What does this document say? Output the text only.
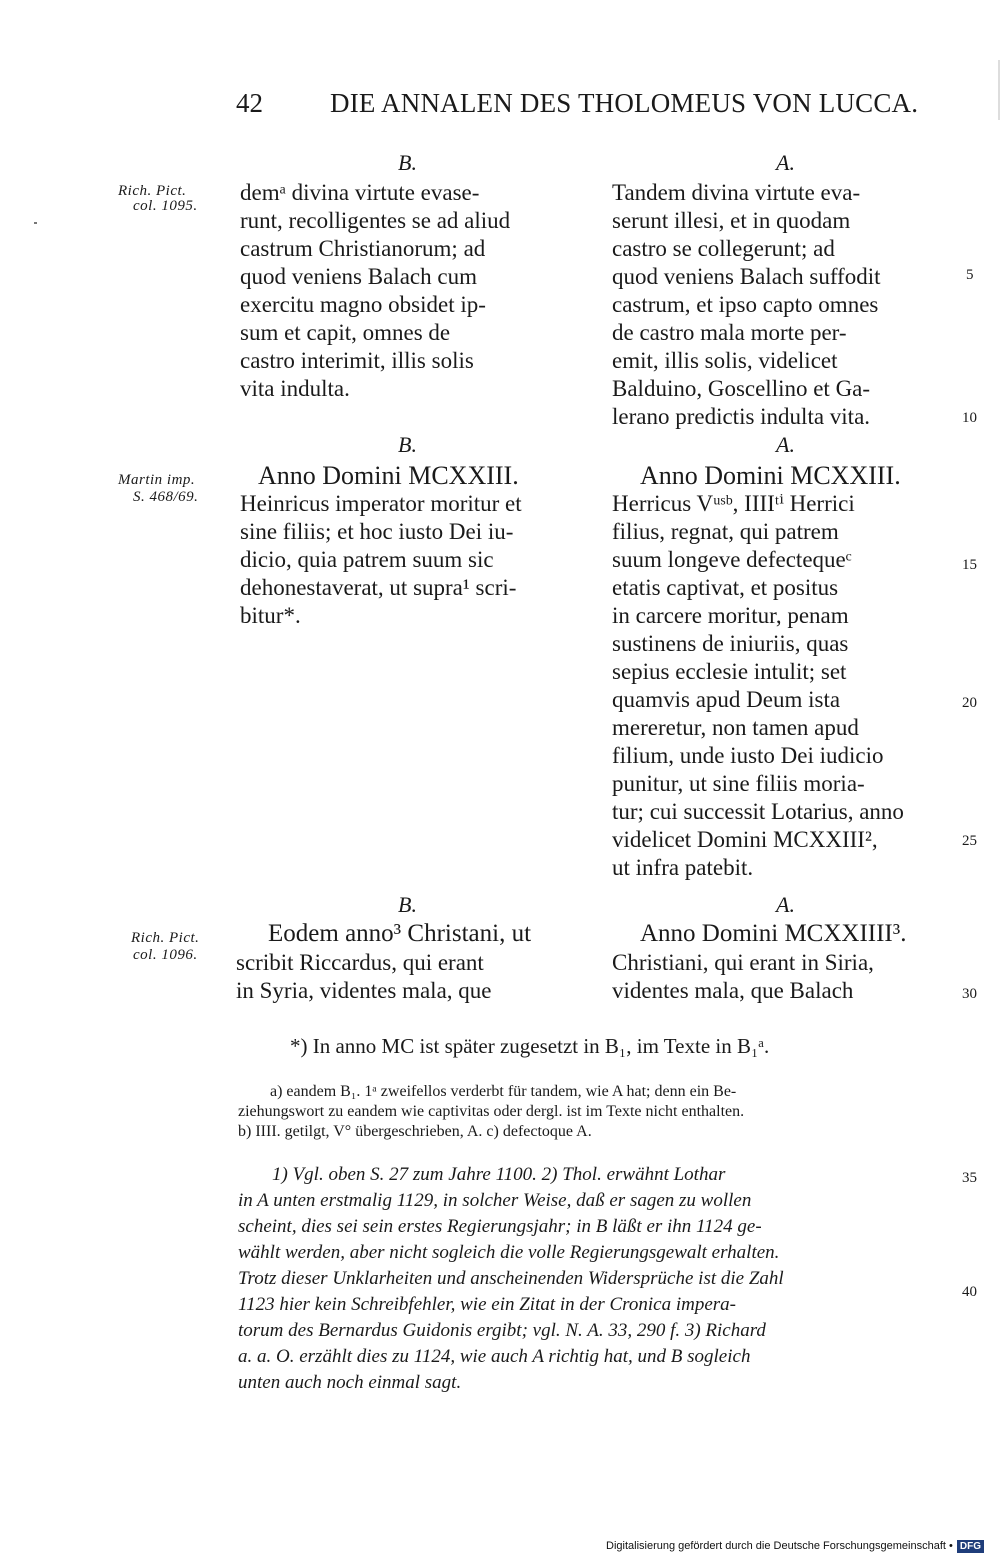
42 DIE ANNALEN DES THOLOMEUS VON LUCCA.
B.	A.
Rich. Pict.
col. 1095.
demᵃ divina virtute evase-
runt, recolligentes se ad aliud
castrum Christianorum; ad
quod veniens Balach cum
exercitu magno obsidet ip-
sum et capit, omnes de
castro interimit, illis solis
vita indulta.
Tandem divina virtute eva-
serunt illesi, et in quodam
castro se collegerunt; ad
quod veniens Balach suffodit
castrum, et ipso capto omnes
de castro mala morte per-
emit, illis solis, videlicet
Balduino, Goscellino et Ga-
lerano predictis indulta vita.
B.	A.
Martin imp.
S. 468/69.
Anno Domini MCXXIII.
Heinricus imperator moritur et
sine filiis; et hoc iusto Dei iu-
dicio, quia patrem suum sic
dehonestaverat, ut supra¹ scri-
bitur*.
Anno Domini MCXXIII.
Herricus Vᵘˢᵇ, IIIIᵗⁱ Herrici
filius, regnat, qui patrem
suum longeve defectequeᶜ
etatis captivat, et positus
in carcere moritur, penam
sustinens de iniuriis, quas
sepius ecclesie intulit; set
quamvis apud Deum ista
mereretur, non tamen apud
filium, unde iusto Dei iudicio
punitur, ut sine filiis moria-
tur; cui successit Lotarius, anno
videlicet Domini MCXXIII²,
ut infra patebit.
B.	A.
Rich. Pict.
col. 1096.
Eodem anno³ Christani, ut
scribit Riccardus, qui erant
in Syria, videntes mala, que
Anno Domini MCXXIIII³.
Christiani, qui erant in Siria,
videntes mala, que Balach
5
10
15
20
25
30
35
40
*) In anno MC ist später zugesetzt in B₁, im Texte in B₁ᵃ.
a) eandem B₁. 1ᵃ zweifellos verderbt für tandem, wie A hat; denn ein Be-
ziehungswort zu eandem wie captivitas oder dergl. ist im Texte nicht enthalten.
b) IIII. getilgt, V° übergeschrieben, A. c) defectoque A.
1) Vgl. oben S. 27 zum Jahre 1100. 2) Thol. erwähnt Lothar
in A unten erstmalig 1129, in solcher Weise, daß er sagen zu wollen
scheint, dies sei sein erstes Regierungsjahr; in B läßt er ihn 1124 ge-
wählt werden, aber nicht sogleich die volle Regierungsgewalt erhalten.
Trotz dieser Unklarheiten und anscheinenden Widersprüche ist die Zahl
1123 hier kein Schreibfehler, wie ein Zitat in der Cronica impera-
torum des Bernardus Guidonis ergibt; vgl. N. A. 33, 290 f. 3) Richard
a. a. O. erzählt dies zu 1124, wie auch A richtig hat, und B sogleich
unten auch noch einmal sagt.
Digitalisierung gefördert durch die Deutsche Forschungsgemeinschaft • DFG
